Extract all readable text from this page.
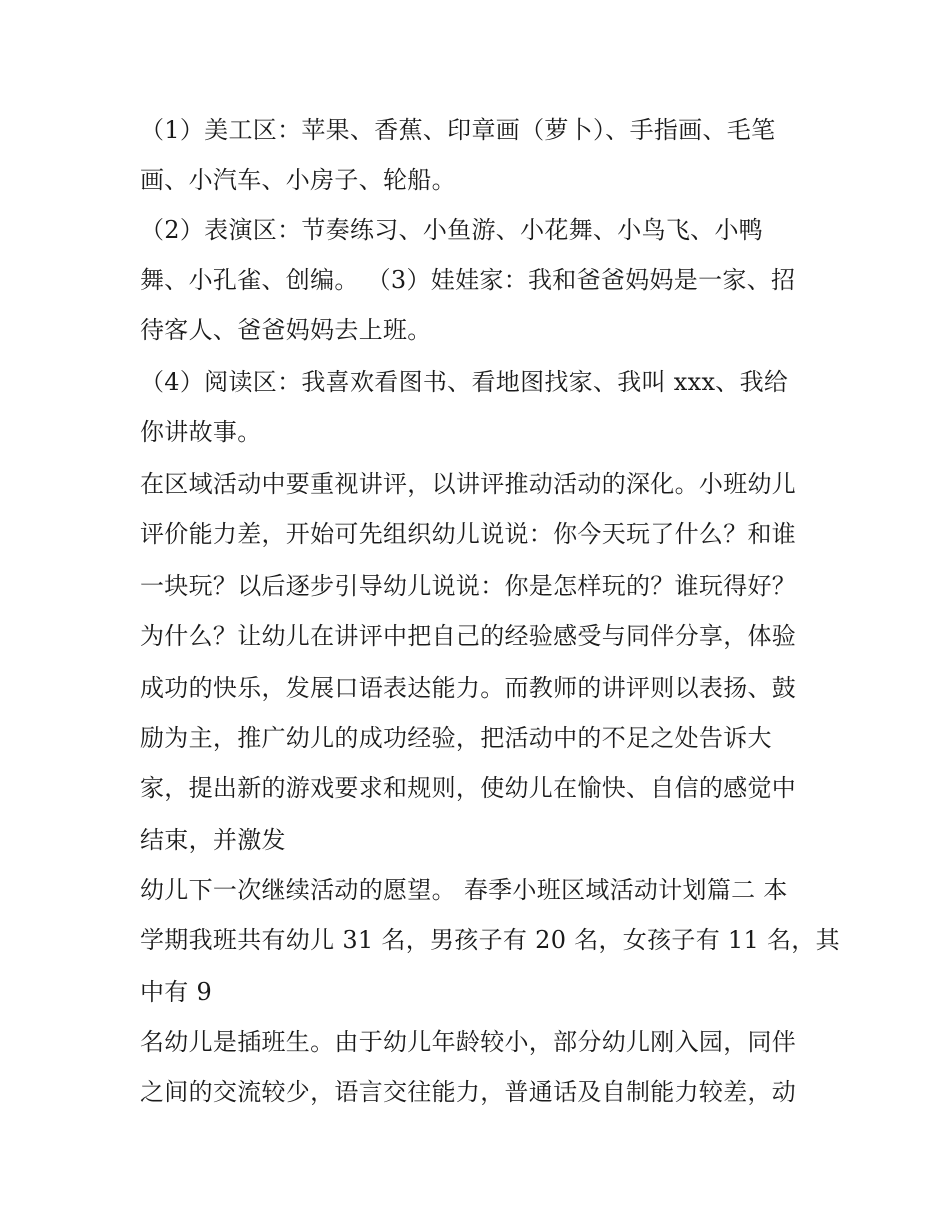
（1）美工区：苹果、香蕉、印章画（萝卜）、手指画、毛笔
画、小汽车、小房子、轮船。
（2）表演区：节奏练习、小鱼游、小花舞、小鸟飞、小鸭
舞、小孔雀、创编。 （3）娃娃家：我和爸爸妈妈是一家、招
待客人、爸爸妈妈去上班。
（4）阅读区：我喜欢看图书、看地图找家、我叫 xxx、我给
你讲故事。
在区域活动中要重视讲评，以讲评推动活动的深化。小班幼儿
评价能力差，开始可先组织幼儿说说：你今天玩了什么？和谁
一块玩？以后逐步引导幼儿说说：你是怎样玩的？谁玩得好？
为什么？让幼儿在讲评中把自己的经验感受与同伴分享，体验
成功的快乐，发展口语表达能力。而教师的讲评则以表扬、鼓
励为主，推广幼儿的成功经验，把活动中的不足之处告诉大
家，提出新的游戏要求和规则，使幼儿在愉快、自信的感觉中
结束，并激发
幼儿下一次继续活动的愿望。 春季小班区域活动计划篇二 本
学期我班共有幼儿 31 名，男孩子有 20 名，女孩子有 11 名，其
中有 9
名幼儿是插班生。由于幼儿年龄较小，部分幼儿刚入园，同伴
之间的交流较少，语言交往能力，普通话及自制能力较差，动
